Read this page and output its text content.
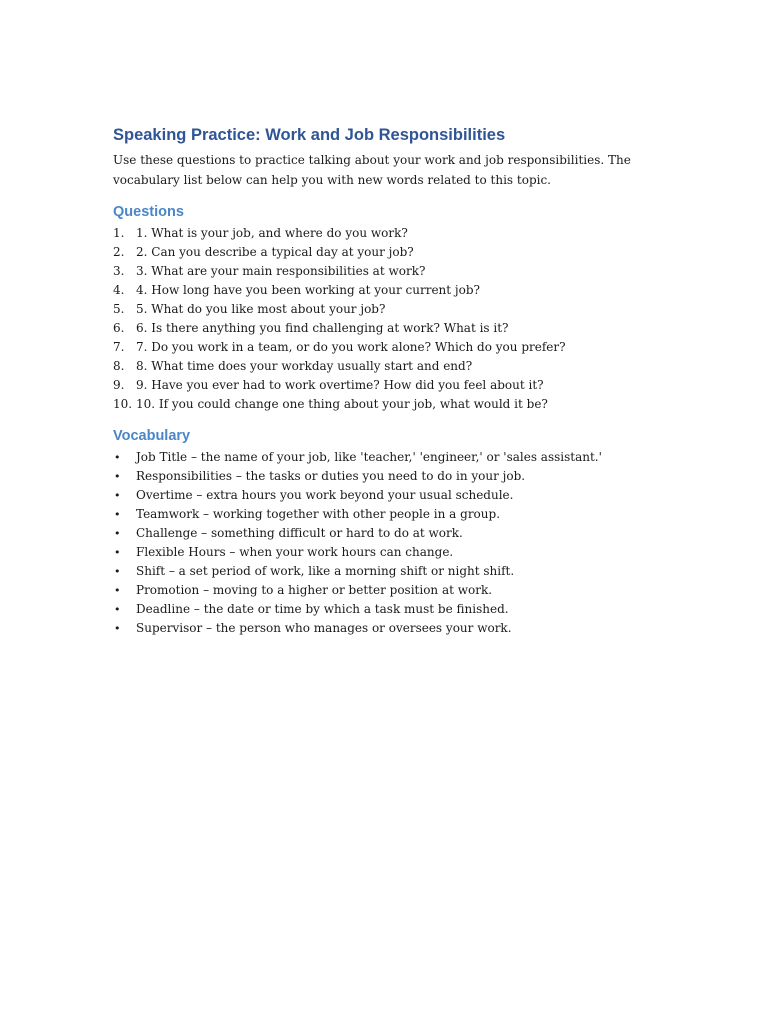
Speaking Practice: Work and Job Responsibilities

Use these questions to practice talking about your work and job responsibilities. The vocabulary list below can help you with new words related to this topic.

Questions
1. 1. What is your job, and where do you work?
2. 2. Can you describe a typical day at your job?
3. 3. What are your main responsibilities at work?
4. 4. How long have you been working at your current job?
5. 5. What do you like most about your job?
6. 6. Is there anything you find challenging at work? What is it?
7. 7. Do you work in a team, or do you work alone? Which do you prefer?
8. 8. What time does your workday usually start and end?
9. 9. Have you ever had to work overtime? How did you feel about it?
10. 10. If you could change one thing about your job, what would it be?
Vocabulary
• Job Title – the name of your job, like 'teacher,' 'engineer,' or 'sales assistant.'
• Responsibilities – the tasks or duties you need to do in your job.
• Overtime – extra hours you work beyond your usual schedule.
• Teamwork – working together with other people in a group.
• Challenge – something difficult or hard to do at work.
• Flexible Hours – when your work hours can change.
• Shift – a set period of work, like a morning shift or night shift.
• Promotion – moving to a higher or better position at work.
• Deadline – the date or time by which a task must be finished.
• Supervisor – the person who manages or oversees your work.
